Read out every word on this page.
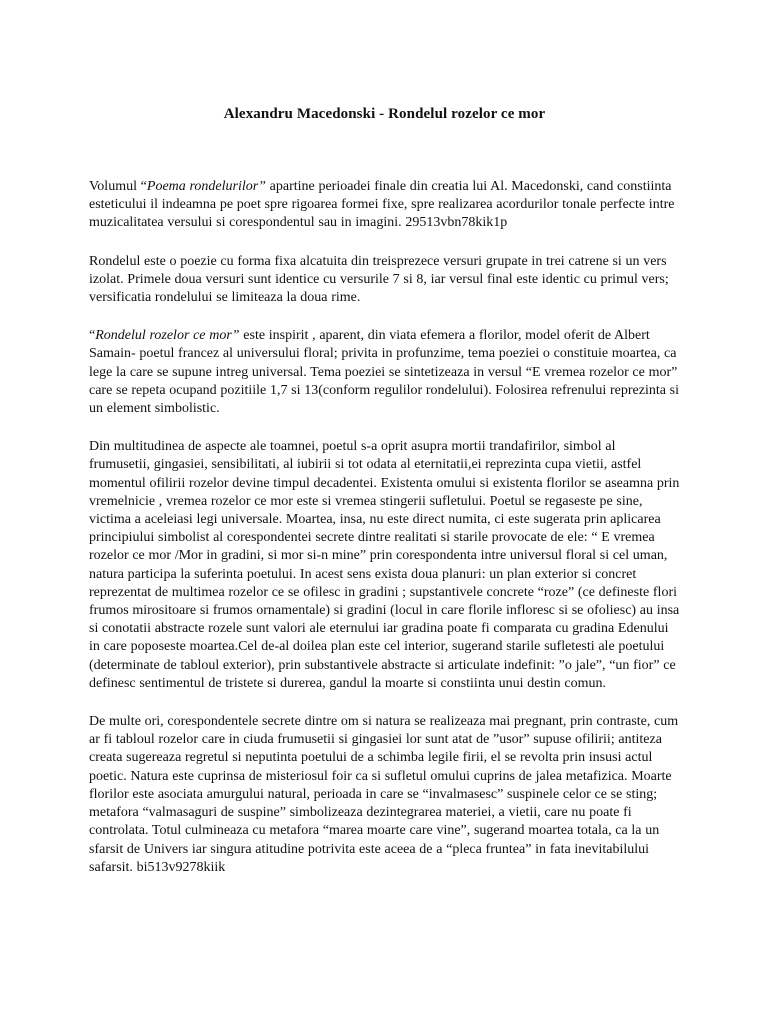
Alexandru Macedonski - Rondelul rozelor ce mor

Volumul “Poema rondelurilor” apartine perioadei finale din creatia lui Al. Macedonski, cand constiinta esteticului il indeamna pe poet spre rigoarea formei fixe, spre realizarea acordurilor tonale perfecte intre muzicalitatea versului si corespondentul sau in imagini. 29513vbn78kik1p

Rondelul este o poezie cu forma fixa alcatuita din treisprezece versuri grupate in trei catrene si un vers izolat. Primele doua versuri sunt identice cu versurile 7 si 8, iar versul final este identic cu primul vers; versificatia rondelului se limiteaza la doua rime.

“Rondelul rozelor ce mor” este inspirit , aparent, din viata efemera a florilor, model oferit de Albert Samain- poetul francez al universului floral; privita in profunzime, tema poeziei o constituie moartea, ca lege la care se supune intreg universal. Tema poeziei se sintetizeaza in versul “E vremea rozelor ce mor” care se repeta ocupand pozitiile 1,7 si 13(conform regulilor rondelului). Folosirea refrenului reprezinta si un element simbolistic.

Din multitudinea de aspecte ale toamnei, poetul s-a oprit asupra mortii trandafirilor, simbol al frumusetii, gingasiei, sensibilitati, al iubirii si tot odata al eternitatii,ei reprezinta cupa vietii, astfel momentul ofilirii rozelor devine timpul decadentei. Existenta omului si existenta florilor se aseamna prin vremelnicie , vremea rozelor ce mor este si vremea stingerii sufletului. Poetul se regaseste pe sine, victima a aceleiasi legi universale. Moartea, insa, nu este direct numita, ci este sugerata prin aplicarea principiului simbolist al corespondentei secrete dintre realitati si starile provocate de ele: “ E vremea rozelor ce mor /Mor in gradini, si mor si-n mine” prin corespondenta intre universul floral si cel uman, natura participa la suferinta poetului. In acest sens exista doua planuri: un plan exterior si concret reprezentat de multimea rozelor ce se ofilesc in gradini ; supstantivele concrete “roze” (ce defineste flori frumos mirositoare si frumos ornamentale) si gradini (locul in care florile infloresc si se ofoliesc) au insa si conotatii abstracte rozele sunt valori ale eternului iar gradina poate fi comparata cu gradina Edenului in care poposeste moartea.Cel de-al doilea plan este cel interior, sugerand starile sufletesti ale poetului (determinate de tabloul exterior), prin substantivele abstracte si articulate indefinit: ”o jale”, “un fior” ce definesc sentimentul de tristete si durerea, gandul la moarte si constiinta unui destin comun.

De multe ori, corespondentele secrete dintre om si natura se realizeaza mai pregnant, prin contraste, cum ar fi tabloul rozelor care in ciuda frumusetii si gingasiei lor sunt atat de ”usor” supuse ofilirii; antiteza creata sugereaza regretul si neputinta poetului de a schimba legile firii, el se revolta prin insusi actul poetic. Natura este cuprinsa de misteriosul foir ca si sufletul omului cuprins de jalea metafizica. Moarte florilor este asociata amurgului natural, perioada in care se “invalmasesc” suspinele celor ce se sting; metafora “valmasaguri de suspine” simbolizeaza dezintegrarea materiei, a vietii, care nu poate fi controlata. Totul culmineaza cu metafora “marea moarte care vine”, sugerand moartea totala, ca la un sfarsit de Univers iar singura atitudine potrivita este aceea de a “pleca fruntea” in fata inevitabilului safarsit. bi513v9278kiik
